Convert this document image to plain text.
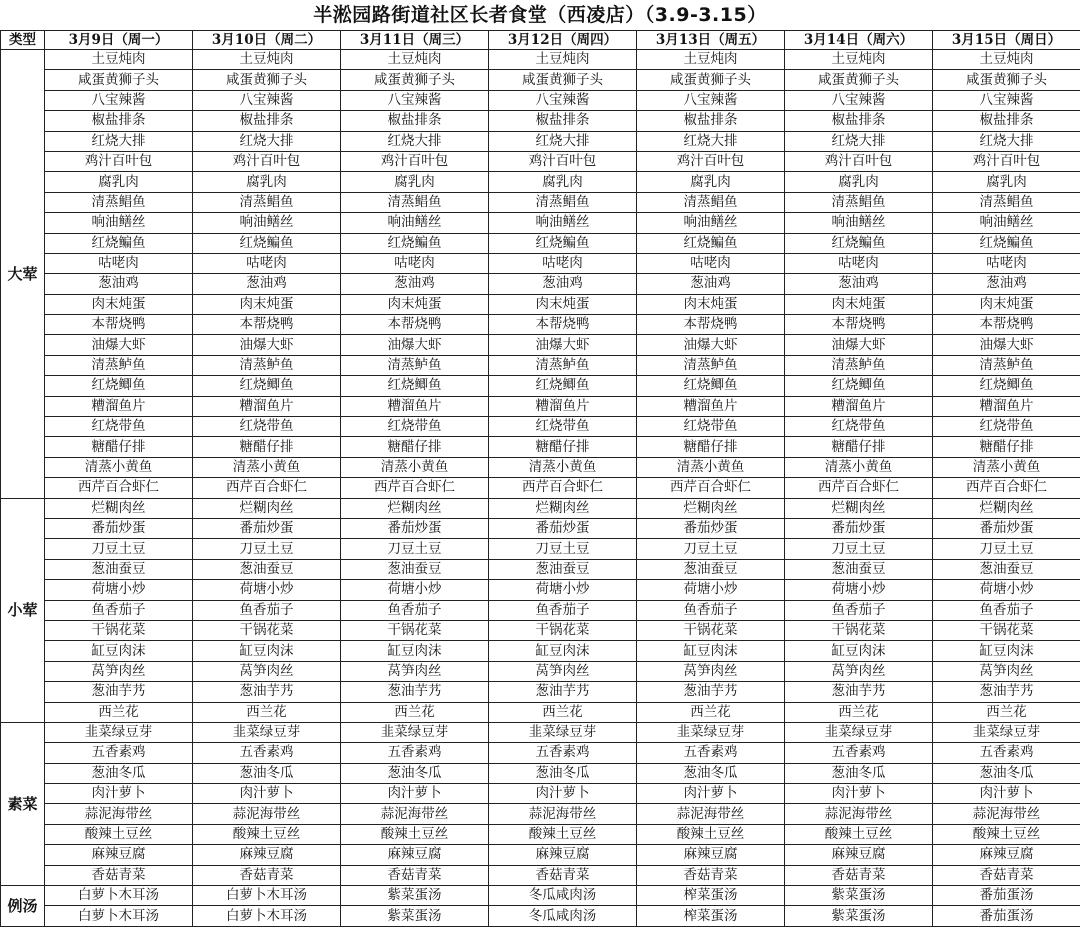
半淞园路街道社区长者食堂（西凌店）（3.9-3.15）
类型	3月9日（周一）	3月10日（周二）	3月11日（周三）	3月12日（周四）	3月13日（周五）	3月14日（周六）	3月15日（周日）
大荤	土豆炖肉	土豆炖肉	土豆炖肉	土豆炖肉	土豆炖肉	土豆炖肉	土豆炖肉
	咸蛋黄狮子头	咸蛋黄狮子头	咸蛋黄狮子头	咸蛋黄狮子头	咸蛋黄狮子头	咸蛋黄狮子头	咸蛋黄狮子头
	八宝辣酱	八宝辣酱	八宝辣酱	八宝辣酱	八宝辣酱	八宝辣酱	八宝辣酱
	椒盐排条	椒盐排条	椒盐排条	椒盐排条	椒盐排条	椒盐排条	椒盐排条
	红烧大排	红烧大排	红烧大排	红烧大排	红烧大排	红烧大排	红烧大排
	鸡汁百叶包	鸡汁百叶包	鸡汁百叶包	鸡汁百叶包	鸡汁百叶包	鸡汁百叶包	鸡汁百叶包
	腐乳肉	腐乳肉	腐乳肉	腐乳肉	腐乳肉	腐乳肉	腐乳肉
	清蒸鲳鱼	清蒸鲳鱼	清蒸鲳鱼	清蒸鲳鱼	清蒸鲳鱼	清蒸鲳鱼	清蒸鲳鱼
	响油鳝丝	响油鳝丝	响油鳝丝	响油鳝丝	响油鳝丝	响油鳝丝	响油鳝丝
	红烧鳊鱼	红烧鳊鱼	红烧鳊鱼	红烧鳊鱼	红烧鳊鱼	红烧鳊鱼	红烧鳊鱼
	咕咾肉	咕咾肉	咕咾肉	咕咾肉	咕咾肉	咕咾肉	咕咾肉
	葱油鸡	葱油鸡	葱油鸡	葱油鸡	葱油鸡	葱油鸡	葱油鸡
	肉末炖蛋	肉末炖蛋	肉末炖蛋	肉末炖蛋	肉末炖蛋	肉末炖蛋	肉末炖蛋
	本帮烧鸭	本帮烧鸭	本帮烧鸭	本帮烧鸭	本帮烧鸭	本帮烧鸭	本帮烧鸭
	油爆大虾	油爆大虾	油爆大虾	油爆大虾	油爆大虾	油爆大虾	油爆大虾
	清蒸鲈鱼	清蒸鲈鱼	清蒸鲈鱼	清蒸鲈鱼	清蒸鲈鱼	清蒸鲈鱼	清蒸鲈鱼
	红烧鲫鱼	红烧鲫鱼	红烧鲫鱼	红烧鲫鱼	红烧鲫鱼	红烧鲫鱼	红烧鲫鱼
	糟溜鱼片	糟溜鱼片	糟溜鱼片	糟溜鱼片	糟溜鱼片	糟溜鱼片	糟溜鱼片
	红烧带鱼	红烧带鱼	红烧带鱼	红烧带鱼	红烧带鱼	红烧带鱼	红烧带鱼
	糖醋仔排	糖醋仔排	糖醋仔排	糖醋仔排	糖醋仔排	糖醋仔排	糖醋仔排
	清蒸小黄鱼	清蒸小黄鱼	清蒸小黄鱼	清蒸小黄鱼	清蒸小黄鱼	清蒸小黄鱼	清蒸小黄鱼
	西芹百合虾仁	西芹百合虾仁	西芹百合虾仁	西芹百合虾仁	西芹百合虾仁	西芹百合虾仁	西芹百合虾仁
小荤	烂糊肉丝	烂糊肉丝	烂糊肉丝	烂糊肉丝	烂糊肉丝	烂糊肉丝	烂糊肉丝
	番茄炒蛋	番茄炒蛋	番茄炒蛋	番茄炒蛋	番茄炒蛋	番茄炒蛋	番茄炒蛋
	刀豆土豆	刀豆土豆	刀豆土豆	刀豆土豆	刀豆土豆	刀豆土豆	刀豆土豆
	葱油蚕豆	葱油蚕豆	葱油蚕豆	葱油蚕豆	葱油蚕豆	葱油蚕豆	葱油蚕豆
	荷塘小炒	荷塘小炒	荷塘小炒	荷塘小炒	荷塘小炒	荷塘小炒	荷塘小炒
	鱼香茄子	鱼香茄子	鱼香茄子	鱼香茄子	鱼香茄子	鱼香茄子	鱼香茄子
	干锅花菜	干锅花菜	干锅花菜	干锅花菜	干锅花菜	干锅花菜	干锅花菜
	缸豆肉沫	缸豆肉沫	缸豆肉沫	缸豆肉沫	缸豆肉沫	缸豆肉沫	缸豆肉沫
	莴笋肉丝	莴笋肉丝	莴笋肉丝	莴笋肉丝	莴笋肉丝	莴笋肉丝	莴笋肉丝
	葱油芋艿	葱油芋艿	葱油芋艿	葱油芋艿	葱油芋艿	葱油芋艿	葱油芋艿
	西兰花	西兰花	西兰花	西兰花	西兰花	西兰花	西兰花
素菜	韭菜绿豆芽	韭菜绿豆芽	韭菜绿豆芽	韭菜绿豆芽	韭菜绿豆芽	韭菜绿豆芽	韭菜绿豆芽
	五香素鸡	五香素鸡	五香素鸡	五香素鸡	五香素鸡	五香素鸡	五香素鸡
	葱油冬瓜	葱油冬瓜	葱油冬瓜	葱油冬瓜	葱油冬瓜	葱油冬瓜	葱油冬瓜
	肉汁萝卜	肉汁萝卜	肉汁萝卜	肉汁萝卜	肉汁萝卜	肉汁萝卜	肉汁萝卜
	蒜泥海带丝	蒜泥海带丝	蒜泥海带丝	蒜泥海带丝	蒜泥海带丝	蒜泥海带丝	蒜泥海带丝
	酸辣土豆丝	酸辣土豆丝	酸辣土豆丝	酸辣土豆丝	酸辣土豆丝	酸辣土豆丝	酸辣土豆丝
	麻辣豆腐	麻辣豆腐	麻辣豆腐	麻辣豆腐	麻辣豆腐	麻辣豆腐	麻辣豆腐
	香菇青菜	香菇青菜	香菇青菜	香菇青菜	香菇青菜	香菇青菜	香菇青菜
例汤	白萝卜木耳汤	白萝卜木耳汤	紫菜蛋汤	冬瓜咸肉汤	榨菜蛋汤	紫菜蛋汤	番茄蛋汤
	白萝卜木耳汤	白萝卜木耳汤	紫菜蛋汤	冬瓜咸肉汤	榨菜蛋汤	紫菜蛋汤	番茄蛋汤
